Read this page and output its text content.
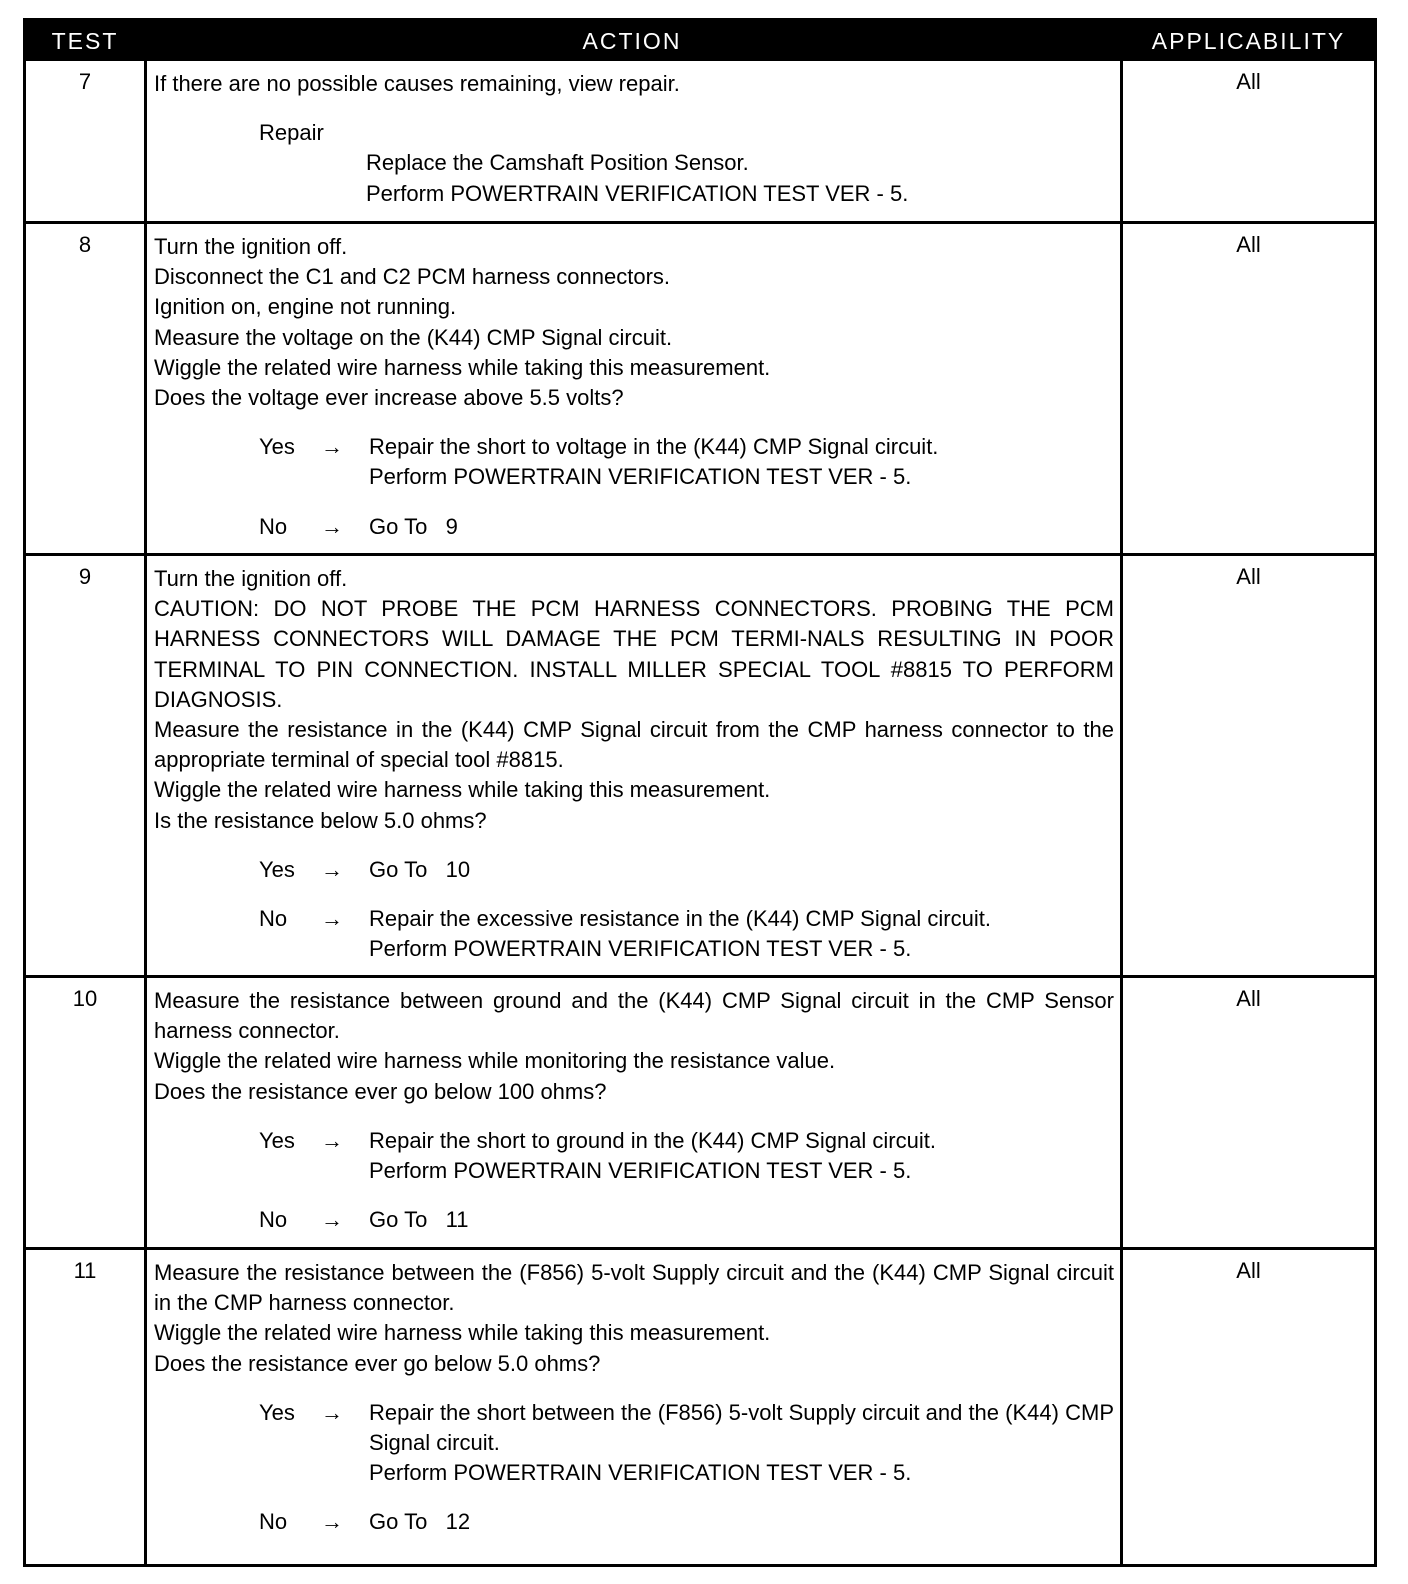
TEST	ACTION	APPLICABILITY
7	If there are no possible causes remaining, view repair.

Repair

Replace the Camshaft Position Sensor.

Perform POWERTRAIN VERIFICATION TEST VER - 5.

All
8	Turn the ignition off.

Disconnect the C1 and C2 PCM harness connectors.

Ignition on, engine not running.

Measure the voltage on the (K44) CMP Signal circuit.

Wiggle the related wire harness while taking this measurement.

Does the voltage ever increase above 5.5 volts?

Yes → Repair the short to voltage in the (K44) CMP Signal circuit.
Perform POWERTRAIN VERIFICATION TEST VER - 5.
No → Go To   9
All
9	Turn the ignition off.

CAUTION: DO NOT PROBE THE PCM HARNESS CONNECTORS. PROBING THE PCM HARNESS CONNECTORS WILL DAMAGE THE PCM TERMI-NALS RESULTING IN POOR TERMINAL TO PIN CONNECTION. INSTALL MILLER SPECIAL TOOL #8815 TO PERFORM DIAGNOSIS.

Measure the resistance in the (K44) CMP Signal circuit from the CMP harness connector to the appropriate terminal of special tool #8815.

Wiggle the related wire harness while taking this measurement.

Is the resistance below 5.0 ohms?

Yes → Go To   10
No → Repair the excessive resistance in the (K44) CMP Signal circuit.
Perform POWERTRAIN VERIFICATION TEST VER - 5.
All
10	Measure the resistance between ground and the (K44) CMP Signal circuit in the CMP Sensor harness connector.

Wiggle the related wire harness while monitoring the resistance value.

Does the resistance ever go below 100 ohms?

Yes → Repair the short to ground in the (K44) CMP Signal circuit.
Perform POWERTRAIN VERIFICATION TEST VER - 5.
No → Go To   11
All
11	Measure the resistance between the (F856) 5-volt Supply circuit and the (K44) CMP Signal circuit in the CMP harness connector.

Wiggle the related wire harness while taking this measurement.

Does the resistance ever go below 5.0 ohms?

Yes → Repair the short between the (F856) 5-volt Supply circuit and the (K44) CMP Signal circuit.
Perform POWERTRAIN VERIFICATION TEST VER - 5.
No → Go To   12
All
